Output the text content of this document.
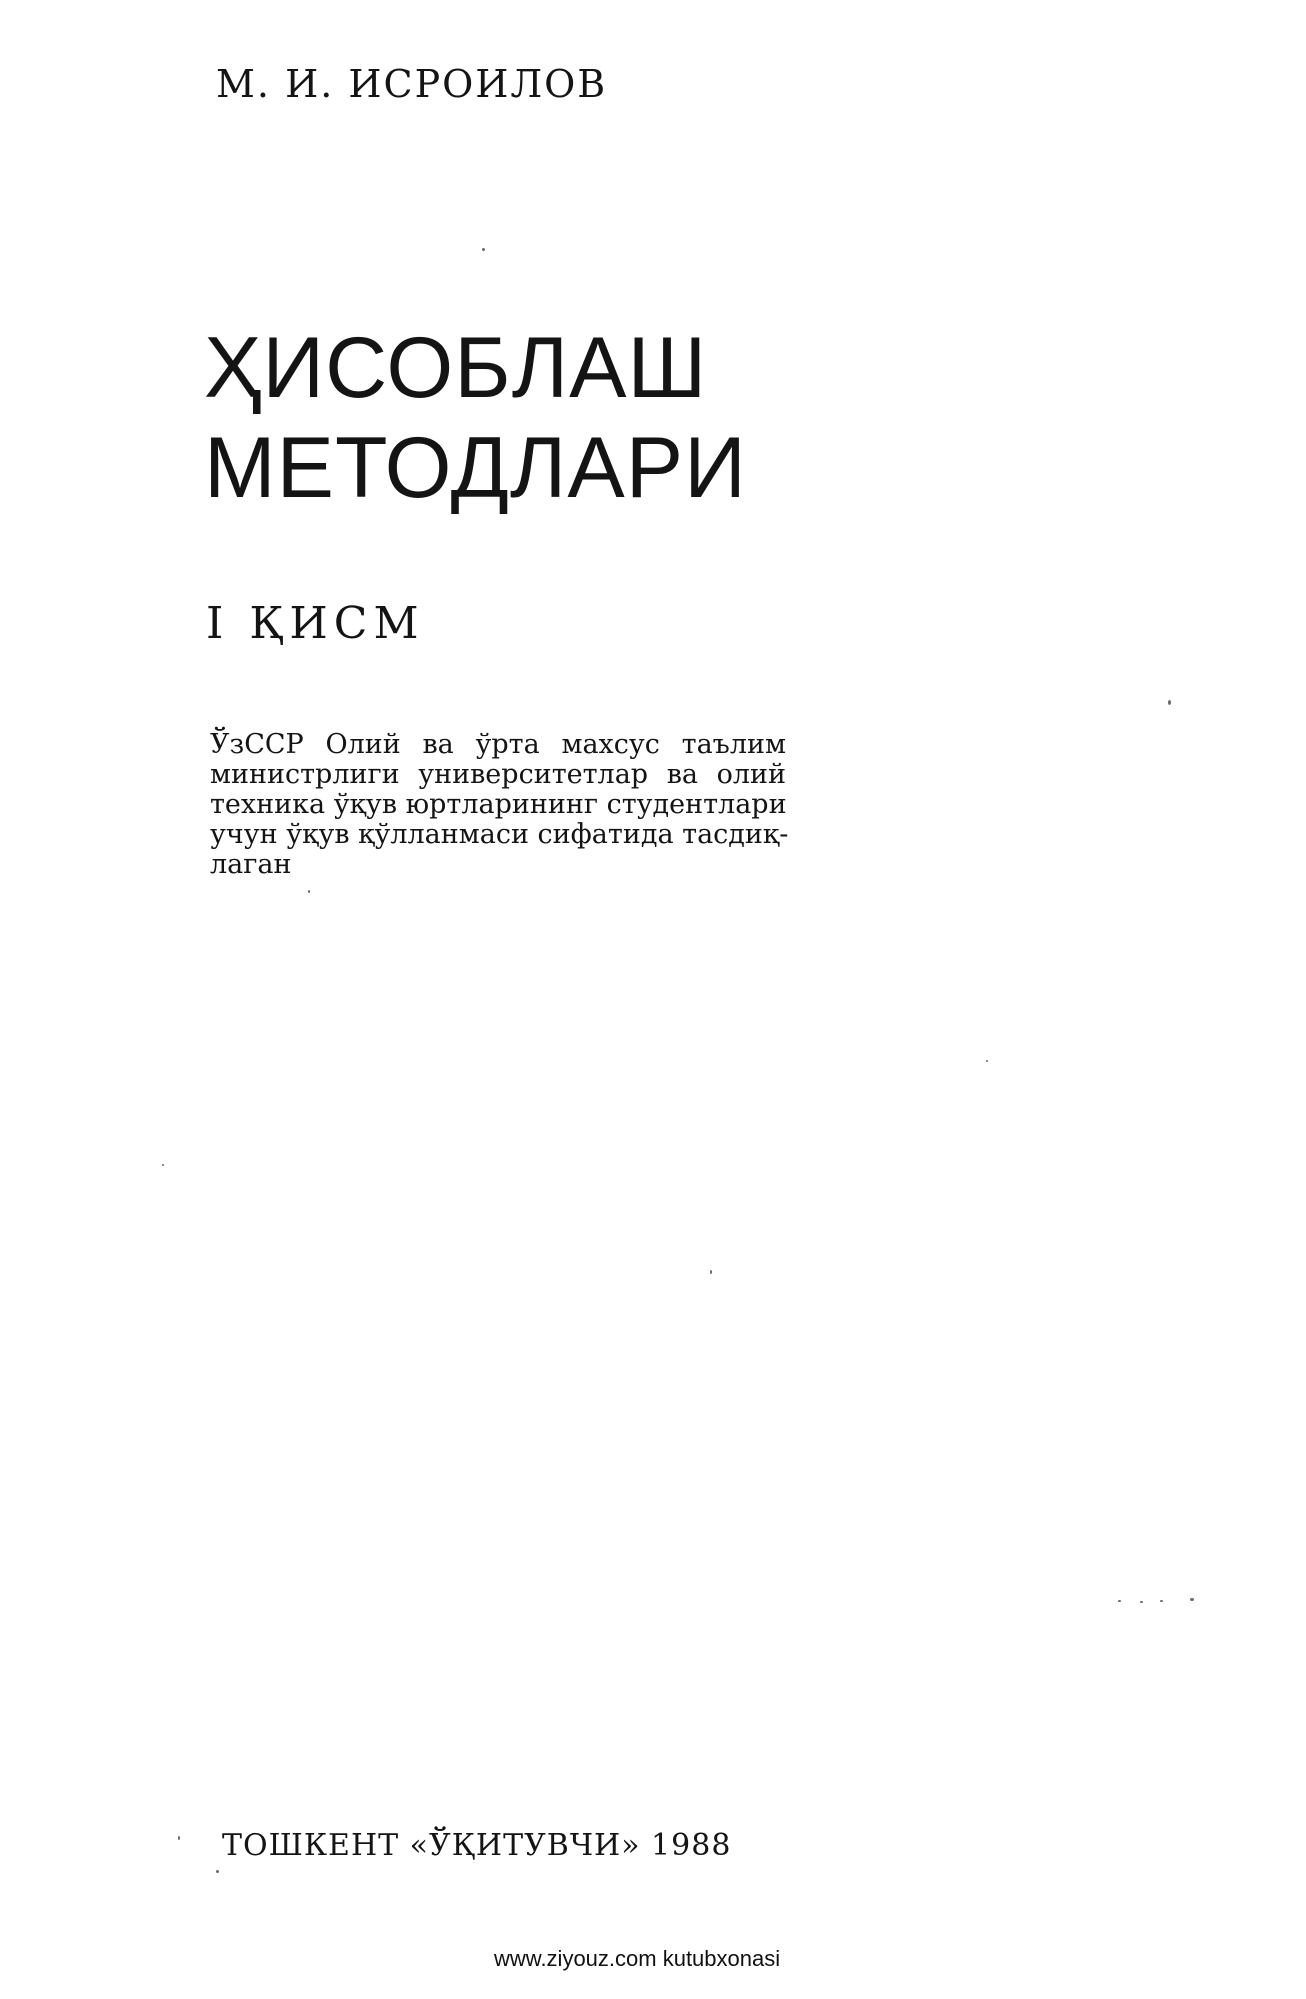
М. И. ИСРОИЛОВ
ҲИСОБЛАШ
МЕТОДЛАРИ
I ҚИСМ
ЎзССР Олий ва ўрта махсус таълим
министрлиги университетлар ва олий
техника ўқув юртларининг студентлари
учун ўқув қўлланмаси сифатида тасдиқ-
лаган
ТОШКЕНТ «ЎҚИТУВЧИ» 1988
www.ziyouz.com kutubxonasi
